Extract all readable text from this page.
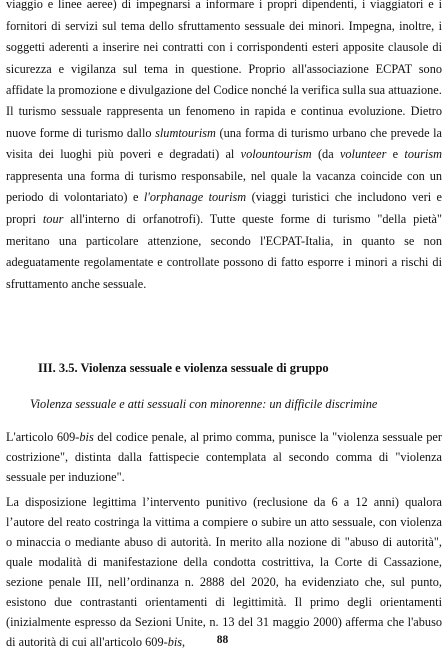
viaggio e linee aeree) di impegnarsi a informare i propri dipendenti, i viaggiatori e i fornitori di servizi sul tema dello sfruttamento sessuale dei minori. Impegna, inoltre, i soggetti aderenti a inserire nei contratti con i corrispondenti esteri apposite clausole di sicurezza e vigilanza sul tema in questione. Proprio all'associazione ECPAT sono affidate la promozione e divulgazione del Codice nonché la verifica sulla sua attuazione.

Il turismo sessuale rappresenta un fenomeno in rapida e continua evoluzione. Dietro nuove forme di turismo dallo slumtourism (una forma di turismo urbano che prevede la visita dei luoghi più poveri e degradati) al volountourism (da volunteer e tourism rappresenta una forma di turismo responsabile, nel quale la vacanza coincide con un periodo di volontariato) e l'orphanage tourism (viaggi turistici che includono veri e propri tour all'interno di orfanotrofi). Tutte queste forme di turismo "della pietà" meritano una particolare attenzione, secondo l'ECPAT-Italia, in quanto se non adeguatamente regolamentate e controllate possono di fatto esporre i minori a rischi di sfruttamento anche sessuale.

III. 3.5. Violenza sessuale e violenza sessuale di gruppo

Violenza sessuale e atti sessuali con minorenne: un difficile discrimine

L'articolo 609-bis del codice penale, al primo comma, punisce la "violenza sessuale per costrizione", distinta dalla fattispecie contemplata al secondo comma di "violenza sessuale per induzione".

La disposizione legittima l’intervento punitivo (reclusione da 6 a 12 anni) qualora l’autore del reato costringa la vittima a compiere o subire un atto sessuale, con violenza o minaccia o mediante abuso di autorità. In merito alla nozione di "abuso di autorità", quale modalità di manifestazione della condotta costrittiva, la Corte di Cassazione, sezione penale III, nell’ordinanza n. 2888 del 2020, ha evidenziato che, sul punto, esistono due contrastanti orientamenti di legittimità. Il primo degli orientamenti (inizialmente espresso da Sezioni Unite, n. 13 del 31 maggio 2000) afferma che l'abuso di autorità di cui all'articolo 609-bis,	88
